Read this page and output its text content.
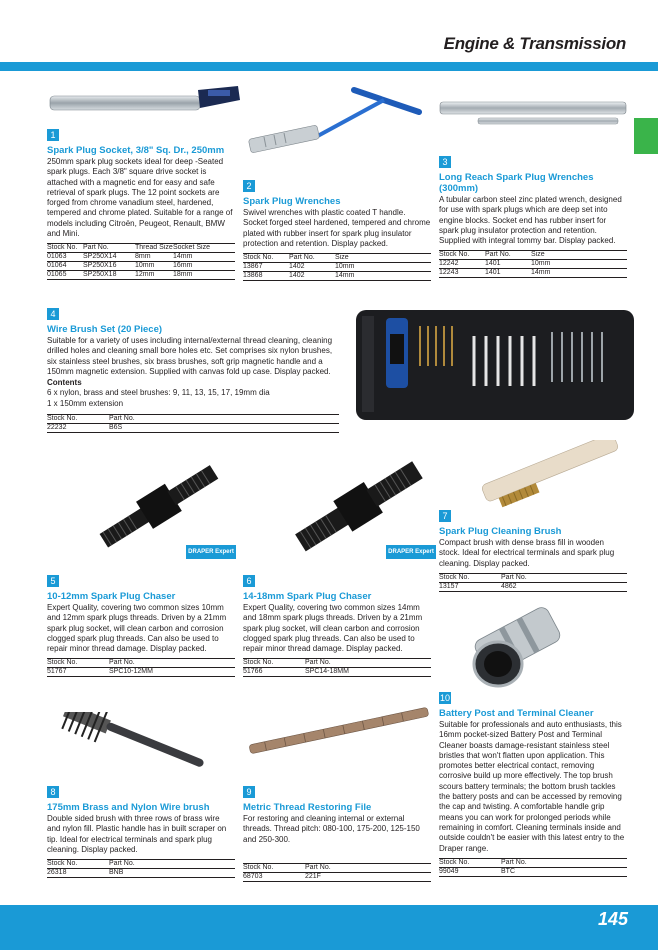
Engine & Transmission
DRAPER Expert	DRAPER Expert
1
Spark Plug Socket, 3/8" Sq. Dr., 250mm
250mm spark plug sockets ideal for deep -Seated spark plugs. Each 3/8" square drive socket is attached with a magnetic end for easy and safe retrieval of spark plugs. The 12 point sockets are forged from chrome vanadium steel, hardened, tempered and chrome plated. Suitable for a range of models including Citroën, Peugeot, Renault, BMW and Mini.
Stock No.	Part No.	Thread Size	Socket Size
01063	SP250X14	8mm	14mm
01064	SP250X16	10mm	16mm
01065	SP250X18	12mm	18mm
2
Spark Plug Wrenches
Swivel wrenches with plastic coated T handle. Socket forged steel hardened, tempered and chrome plated with rubber insert for spark plug insulator protection and retention. Display packed.
Stock No.	Part No.	Size
13867	1402	10mm
13868	1402	14mm
3
Long Reach Spark Plug Wrenches (300mm)
A tubular carbon steel zinc plated wrench, designed for use with spark plugs which are deep set into engine blocks. Socket end has rubber insert for spark plug insulator protection and retention. Supplied with integral tommy bar. Display packed.
Stock No.	Part No.	Size
12242	1401	10mm
12243	1401	14mm
4
Wire Brush Set (20 Piece)
Suitable for a variety of uses including internal/external thread cleaning, cleaning drilled holes and cleaning small bore holes etc. Set comprises six nylon brushes, six stainless steel brushes, six brass brushes, soft grip magnetic handle and a 150mm magnetic extension. Supplied with canvas fold up case. Display packed.
Contents
6 x nylon, brass and steel brushes: 9, 11, 13, 15, 17, 19mm dia
1 x 150mm extension
Stock No.	Part No.
22232	B6S
5
10-12mm Spark Plug Chaser
Expert Quality, covering two common sizes 10mm and 12mm spark plugs threads. Driven by a 21mm spark plug socket, will clean carbon and corrosion clogged spark plug threads. Can also be used to repair minor thread damage. Display packed.
Stock No.	Part No.
51767	SPC10-12MM
6
14-18mm Spark Plug Chaser
Expert Quality, covering two common sizes 14mm and 18mm spark plugs threads. Driven by a 21mm spark plug socket, will clean carbon and corrosion clogged spark plug threads. Can also be used to repair minor thread damage. Display packed.
Stock No.	Part No.
51766	SPC14-18MM
7
Spark Plug Cleaning Brush
Compact brush with dense brass fill in wooden stock. Ideal for electrical terminals and spark plug cleaning. Display packed.
Stock No.	Part No.
13157	4862
8
175mm Brass and Nylon Wire brush
Double sided brush with three rows of brass wire and nylon fill. Plastic handle has in built scraper on tip. Ideal for electrical terminals and spark plug cleaning. Display packed.
Stock No.	Part No.
26318	BNB
9
Metric Thread Restoring File
For restoring and cleaning internal or external threads. Thread pitch: 080-100, 175-200, 125-150 and 250-300.
Stock No.	Part No.
68703	221F
10
Battery Post and Terminal Cleaner
Suitable for professionals and auto enthusiasts, this 16mm pocket-sized Battery Post and Terminal Cleaner boasts damage-resistant stainless steel bristles that won't flatten upon application. This promotes better electrical contact, removing corrosive build up more effectively. The top brush scours battery terminals; the bottom brush tackles the battery posts and can be accessed by removing the cap and twisting. A comfortable handle grip means you can work for prolonged periods while remaining in comfort. Cleaning terminals inside and outside couldn't be easier with this latest entry to the Draper range.
Stock No.	Part No.
99049	BTC
145
